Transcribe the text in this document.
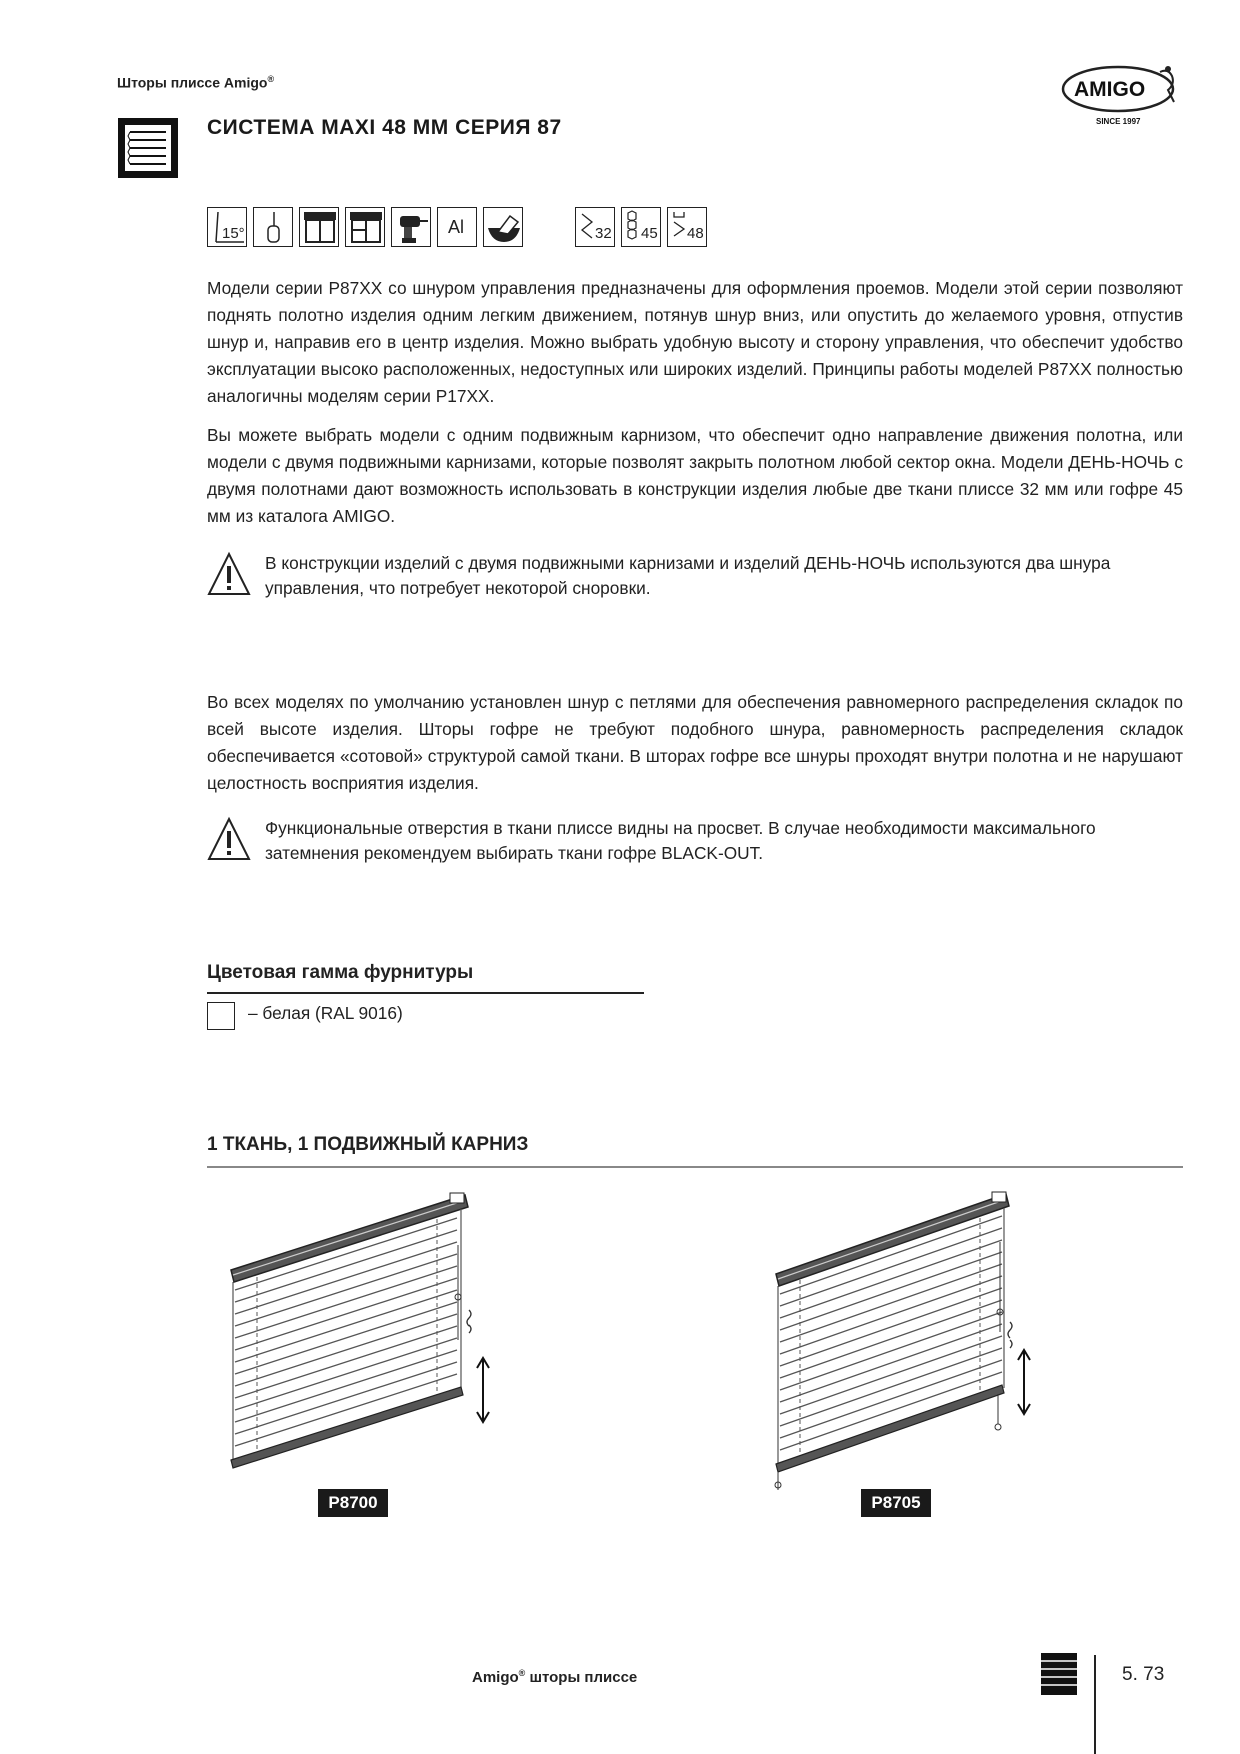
Шторы плиссе Amigo®	AMIGO
SINCE 1997
СИСТЕМА MAXI 48 ММ СЕРИЯ 87
15°	Al	32 45 48
Модели серии P87XX со шнуром управления предназначены для оформления проемов. Модели этой серии позволяют поднять полотно изделия одним легким движением, потянув шнур вниз, или опустить до желаемого уровня, отпустив шнур и, направив его в центр изделия. Можно выбрать удобную высоту и сторону управления, что обеспечит удобство эксплуатации высоко расположенных, недоступных или широких изделий. Принципы работы моделей P87XX полностью аналогичны моделям серии P17XX.
Вы можете выбрать модели с одним подвижным карнизом, что обеспечит одно направление движения полотна, или модели с двумя подвижными карнизами, которые позволят закрыть полотном любой сектор окна. Модели ДЕНЬ-НОЧЬ с двумя полотнами дают возможность использовать в конструкции изделия любые две ткани плиссе 32 мм или гофре 45 мм из каталога AMIGO.
В конструкции изделий с двумя подвижными карнизами и изделий ДЕНЬ-НОЧЬ используются два шнура управления, что потребует некоторой сноровки.
Во всех моделях по умолчанию установлен шнур с петлями для обеспечения равномерного распределения складок по всей высоте изделия. Шторы гофре не требуют подобного шнура, равномерность распределения складок обеспечивается «сотовой» структурой самой ткани. В шторах гофре все шнуры проходят внутри полотна и не нарушают целостность восприятия изделия.
Функциональные отверстия в ткани плиссе видны на просвет. В случае необходимости максимального затемнения рекомендуем выбирать ткани гофре BLACK-OUT.
Цветовая гамма фурнитуры
– белая (RAL 9016)
1 ТКАНЬ, 1 ПОДВИЖНЫЙ КАРНИЗ
P8700	P8705
Amigo® шторы плиссе	5. 73
